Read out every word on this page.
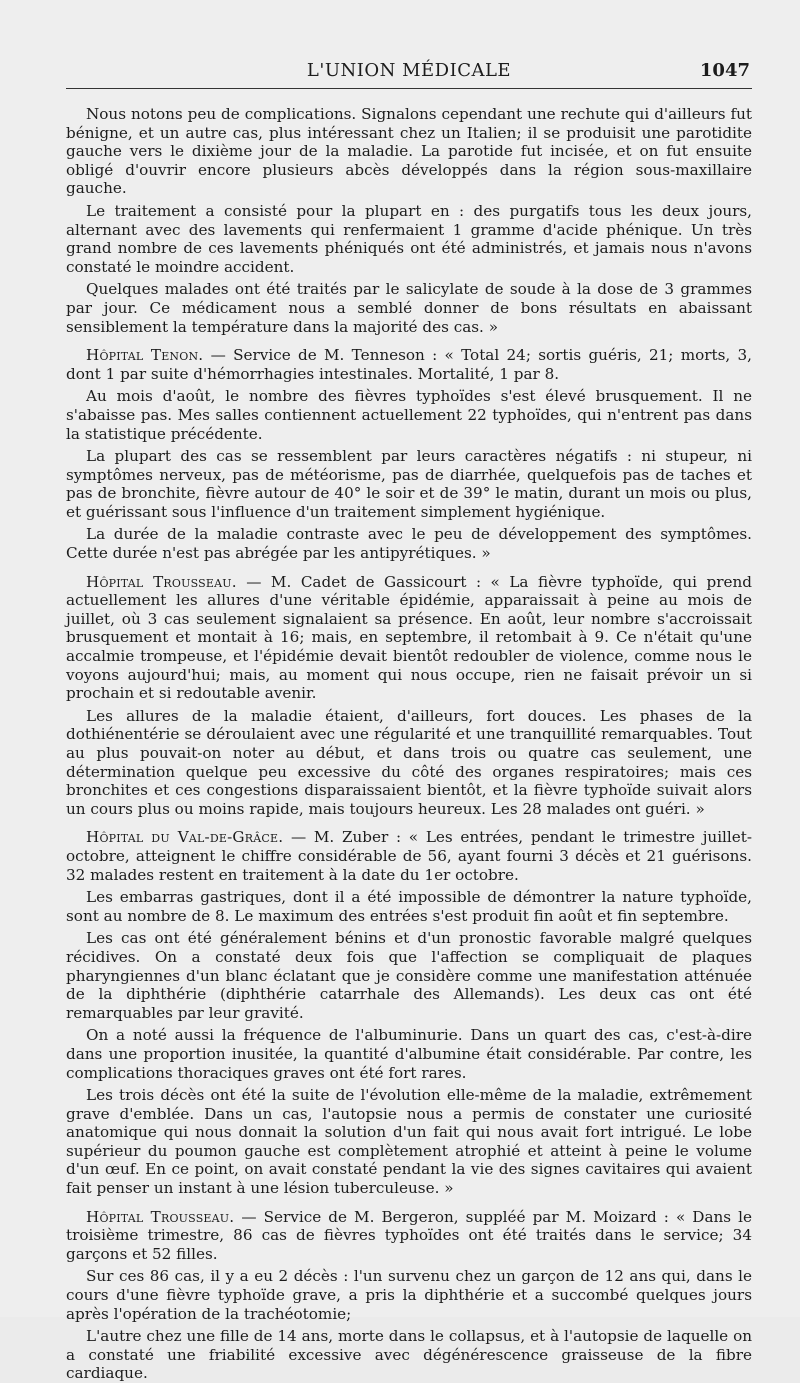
L'UNION MÉDICALE	1047

Nous notons peu de complications. Signalons cependant une rechute qui d'ailleurs fut bénigne, et un autre cas, plus intéressant chez un Italien; il se produisit une parotidite gauche vers le dixième jour de la maladie. La parotide fut incisée, et on fut ensuite obligé d'ouvrir encore plusieurs abcès développés dans la région sous-maxillaire gauche.

Le traitement a consisté pour la plupart en : des purgatifs tous les deux jours, alternant avec des lavements qui renfermaient 1 gramme d'acide phénique. Un très grand nombre de ces lavements phéniqués ont été administrés, et jamais nous n'avons constaté le moindre accident.

Quelques malades ont été traités par le salicylate de soude à la dose de 3 grammes par jour. Ce médicament nous a semblé donner de bons résultats en abaissant sensiblement la température dans la majorité des cas. »

Hôpital Tenon. — Service de M. Tenneson : « Total 24; sortis guéris, 21; morts, 3, dont 1 par suite d'hémorrhagies intestinales. Mortalité, 1 par 8.

Au mois d'août, le nombre des fièvres typhoïdes s'est élevé brusquement. Il ne s'abaisse pas. Mes salles contiennent actuellement 22 typhoïdes, qui n'entrent pas dans la statistique précédente.

La plupart des cas se ressemblent par leurs caractères négatifs : ni stupeur, ni symptômes nerveux, pas de météorisme, pas de diarrhée, quelquefois pas de taches et pas de bronchite, fièvre autour de 40° le soir et de 39° le matin, durant un mois ou plus, et guérissant sous l'influence d'un traitement simplement hygiénique.

La durée de la maladie contraste avec le peu de développement des symptômes. Cette durée n'est pas abrégée par les antipyrétiques. »

Hôpital Trousseau. — M. Cadet de Gassicourt : « La fièvre typhoïde, qui prend actuellement les allures d'une véritable épidémie, apparaissait à peine au mois de juillet, où 3 cas seulement signalaient sa présence. En août, leur nombre s'accroissait brusquement et montait à 16; mais, en septembre, il retombait à 9. Ce n'était qu'une accalmie trompeuse, et l'épidémie devait bientôt redoubler de violence, comme nous le voyons aujourd'hui; mais, au moment qui nous occupe, rien ne faisait prévoir un si prochain et si redoutable avenir.

Les allures de la maladie étaient, d'ailleurs, fort douces. Les phases de la dothiénentérie se déroulaient avec une régularité et une tranquillité remarquables. Tout au plus pouvait-on noter au début, et dans trois ou quatre cas seulement, une détermination quelque peu excessive du côté des organes respiratoires; mais ces bronchites et ces congestions disparaissaient bientôt, et la fièvre typhoïde suivait alors un cours plus ou moins rapide, mais toujours heureux. Les 28 malades ont guéri. »

Hôpital du Val-de-Grâce. — M. Zuber : « Les entrées, pendant le trimestre juillet-octobre, atteignent le chiffre considérable de 56, ayant fourni 3 décès et 21 guérisons. 32 malades restent en traitement à la date du 1er octobre.

Les embarras gastriques, dont il a été impossible de démontrer la nature typhoïde, sont au nombre de 8. Le maximum des entrées s'est produit fin août et fin septembre.

Les cas ont été généralement bénins et d'un pronostic favorable malgré quelques récidives. On a constaté deux fois que l'affection se compliquait de plaques pharyngiennes d'un blanc éclatant que je considère comme une manifestation atténuée de la diphthérie (diphthérie catarrhale des Allemands). Les deux cas ont été remarquables par leur gravité.

On a noté aussi la fréquence de l'albuminurie. Dans un quart des cas, c'est-à-dire dans une proportion inusitée, la quantité d'albumine était considérable. Par contre, les complications thoraciques graves ont été fort rares.

Les trois décès ont été la suite de l'évolution elle-même de la maladie, extrêmement grave d'emblée. Dans un cas, l'autopsie nous a permis de constater une curiosité anatomique qui nous donnait la solution d'un fait qui nous avait fort intrigué. Le lobe supérieur du poumon gauche est complètement atrophié et atteint à peine le volume d'un œuf. En ce point, on avait constaté pendant la vie des signes cavitaires qui avaient fait penser un instant à une lésion tuberculeuse. »

Hôpital Trousseau. — Service de M. Bergeron, suppléé par M. Moizard : « Dans le troisième trimestre, 86 cas de fièvres typhoïdes ont été traités dans le service; 34 garçons et 52 filles.

Sur ces 86 cas, il y a eu 2 décès : l'un survenu chez un garçon de 12 ans qui, dans le cours d'une fièvre typhoïde grave, a pris la diphthérie et a succombé quelques jours après l'opération de la trachéotomie;

L'autre chez une fille de 14 ans, morte dans le collapsus, et à l'autopsie de laquelle on a constaté une friabilité excessive avec dégénérescence graisseuse de la fibre cardiaque.
